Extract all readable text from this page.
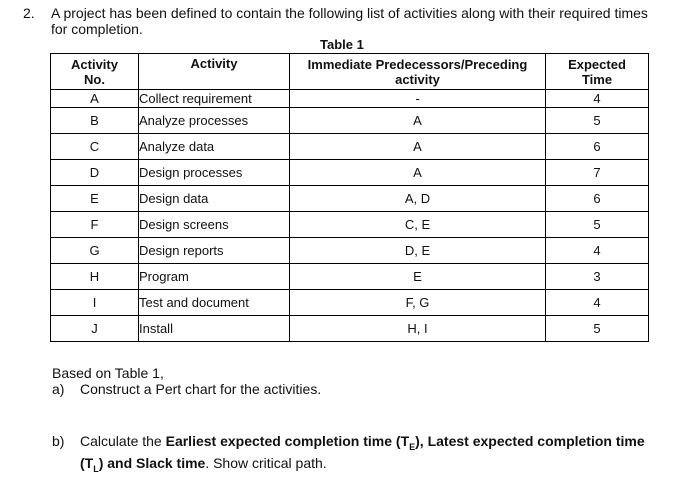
2. A project has been defined to contain the following list of activities along with their required times for completion.
Table 1
Activity No.	Activity	Immediate Predecessors/Preceding activity	Expected Time

A	Collect requirement	-	4
B	Analyze processes	A	5
C	Analyze data	A	6
D	Design processes	A	7
E	Design data	A, D	6
F	Design screens	C, E	5
G	Design reports	D, E	4
H	Program	E	3
I	Test and document	F, G	4
J	Install	H, I	5
Based on Table 1,
a) Construct a Pert chart for the activities.
b) Calculate the Earliest expected completion time $(T_E)$, Latest expected completion time $(T_L)$ and Slack time. Show critical path.
